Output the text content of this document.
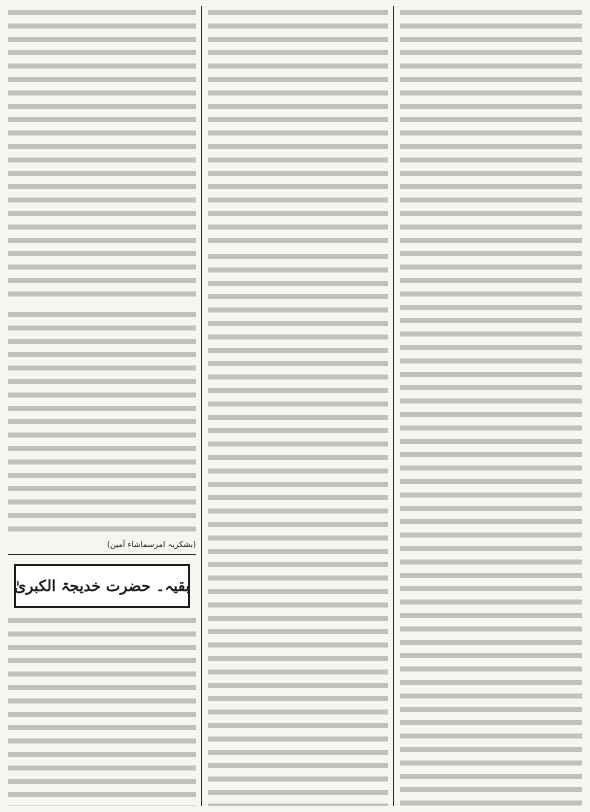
(بشکریہ امرسماشاء آمین)
بقیہ۔ حضرت خدیجۃ الکبریٰ
